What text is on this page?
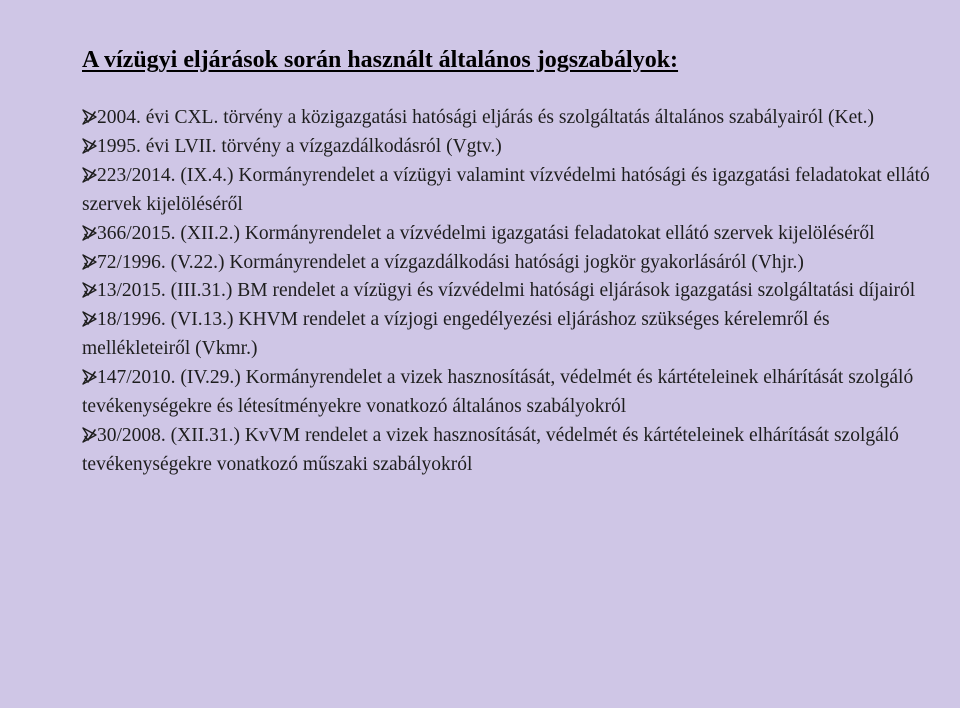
A vízügyi eljárások során használt általános jogszabályok:
2004. évi CXL. törvény a közigazgatási hatósági eljárás és szolgáltatás általános szabályairól (Ket.)
1995. évi LVII. törvény a vízgazdálkodásról (Vgtv.)
223/2014. (IX.4.) Kormányrendelet a vízügyi valamint vízvédelmi hatósági és igazgatási feladatokat ellátó szervek kijelöléséről
366/2015. (XII.2.) Kormányrendelet a vízvédelmi igazgatási feladatokat ellátó szervek kijelöléséről
72/1996. (V.22.) Kormányrendelet a vízgazdálkodási hatósági jogkör gyakorlásáról (Vhjr.)
13/2015. (III.31.) BM rendelet a vízügyi és vízvédelmi hatósági eljárások igazgatási szolgáltatási díjairól
18/1996. (VI.13.) KHVM rendelet a vízjogi engedélyezési eljáráshoz szükséges kérelemről és mellékleteiről (Vkmr.)
147/2010. (IV.29.) Kormányrendelet a vizek hasznosítását, védelmét és kártételeinek elhárítását szolgáló tevékenységekre és létesítményekre vonatkozó általános szabályokról
30/2008. (XII.31.) KvVM rendelet a vizek hasznosítását, védelmét és kártételeinek elhárítását szolgáló tevékenységekre vonatkozó műszaki szabályokról
